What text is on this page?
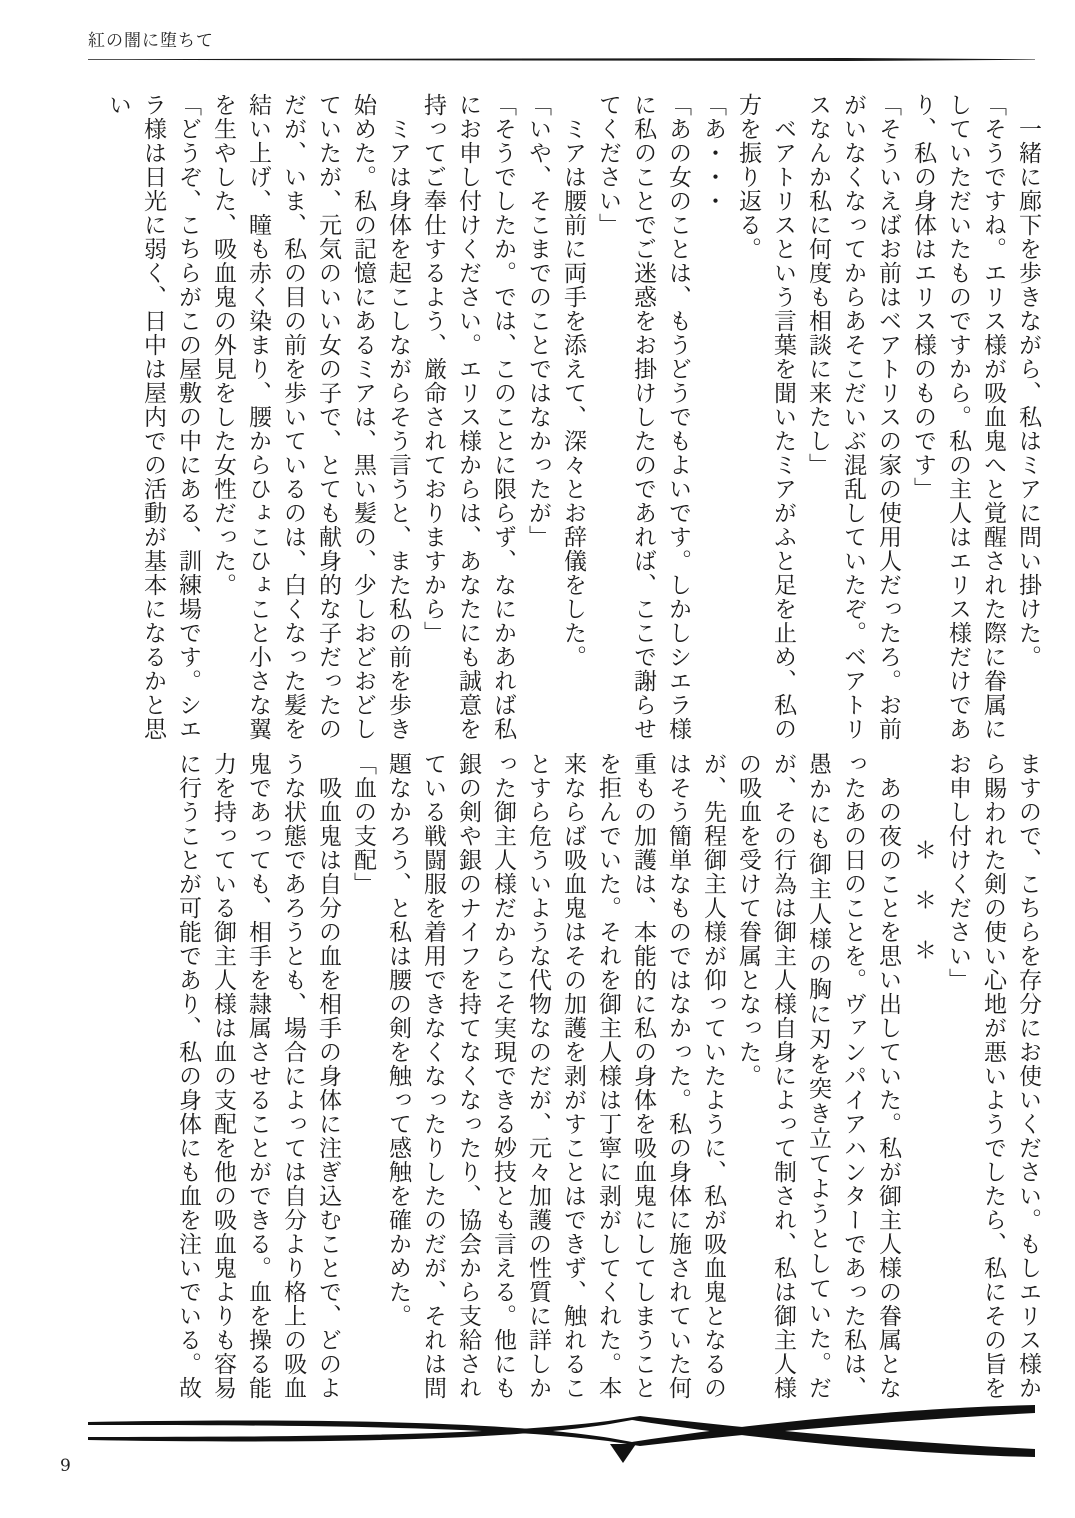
紅の闇に堕ちて

一緒に廊下を歩きながら、私はミアに問い掛けた。

「そうですね。エリス様が吸血鬼へと覚醒された際に眷属にしていただいたものですから。私の主人はエリス様だけであり、私の身体はエリス様のものです」

「そういえばお前はベアトリスの家の使用人だったろ。お前がいなくなってからあそこだいぶ混乱していたぞ。ベアトリスなんか私に何度も相談に来たし」

ベアトリスという言葉を聞いたミアがふと足を止め、私の方を振り返る。

「あ・・・

「あの女のことは、もうどうでもよいです。しかしシエラ様に私のことでご迷惑をお掛けしたのであれば、ここで謝らせてください」

ミアは腰前に両手を添えて、深々とお辞儀をした。

「いや、そこまでのことではなかったが」

「そうでしたか。では、このことに限らず、なにかあれば私にお申し付けください。エリス様からは、あなたにも誠意を持ってご奉仕するよう、厳命されておりますから」

ミアは身体を起こしながらそう言うと、また私の前を歩き始めた。私の記憶にあるミアは、黒い髪の、少しおどおどしていたが、元気のいい女の子で、とても献身的な子だったのだが、いま、私の目の前を歩いているのは、白くなった髪を結い上げ、瞳も赤く染まり、腰からひょこひょこと小さな翼を生やした、吸血鬼の外見をした女性だった。

「どうぞ、こちらがこの屋敷の中にある、訓練場です。シエラ様は日光に弱く、日中は屋内での活動が基本になるかと思い

ますので、こちらを存分にお使いください。もしエリス様から賜われた剣の使い心地が悪いようでしたら、私にその旨をお申し付けください」

＊　＊　＊

あの夜のことを思い出していた。私が御主人様の眷属となったあの日のことを。ヴァンパイアハンターであった私は、愚かにも御主人様の胸に刃を突き立てようとしていた。だが、その行為は御主人様自身によって制され、私は御主人様の吸血を受けて眷属となった。

が、先程御主人様が仰っていたように、私が吸血鬼となるのはそう簡単なものではなかった。私の身体に施されていた何重もの加護は、本能的に私の身体を吸血鬼にしてしまうことを拒んでいた。それを御主人様は丁寧に剥がしてくれた。本来ならば吸血鬼はその加護を剥がすことはできず、触れることすら危ういような代物なのだが、元々加護の性質に詳しかった御主人様だからこそ実現できる妙技とも言える。他にも銀の剣や銀のナイフを持てなくなったり、協会から支給されている戦闘服を着用できなくなったりしたのだが、それは問題なかろう、と私は腰の剣を触って感触を確かめた。

「血の支配」

吸血鬼は自分の血を相手の身体に注ぎ込むことで、どのような状態であろうとも、場合によっては自分より格上の吸血鬼であっても、相手を隷属させることができる。血を操る能力を持っている御主人様は血の支配を他の吸血鬼よりも容易に行うことが可能であり、私の身体にも血を注いでいる。故

9
